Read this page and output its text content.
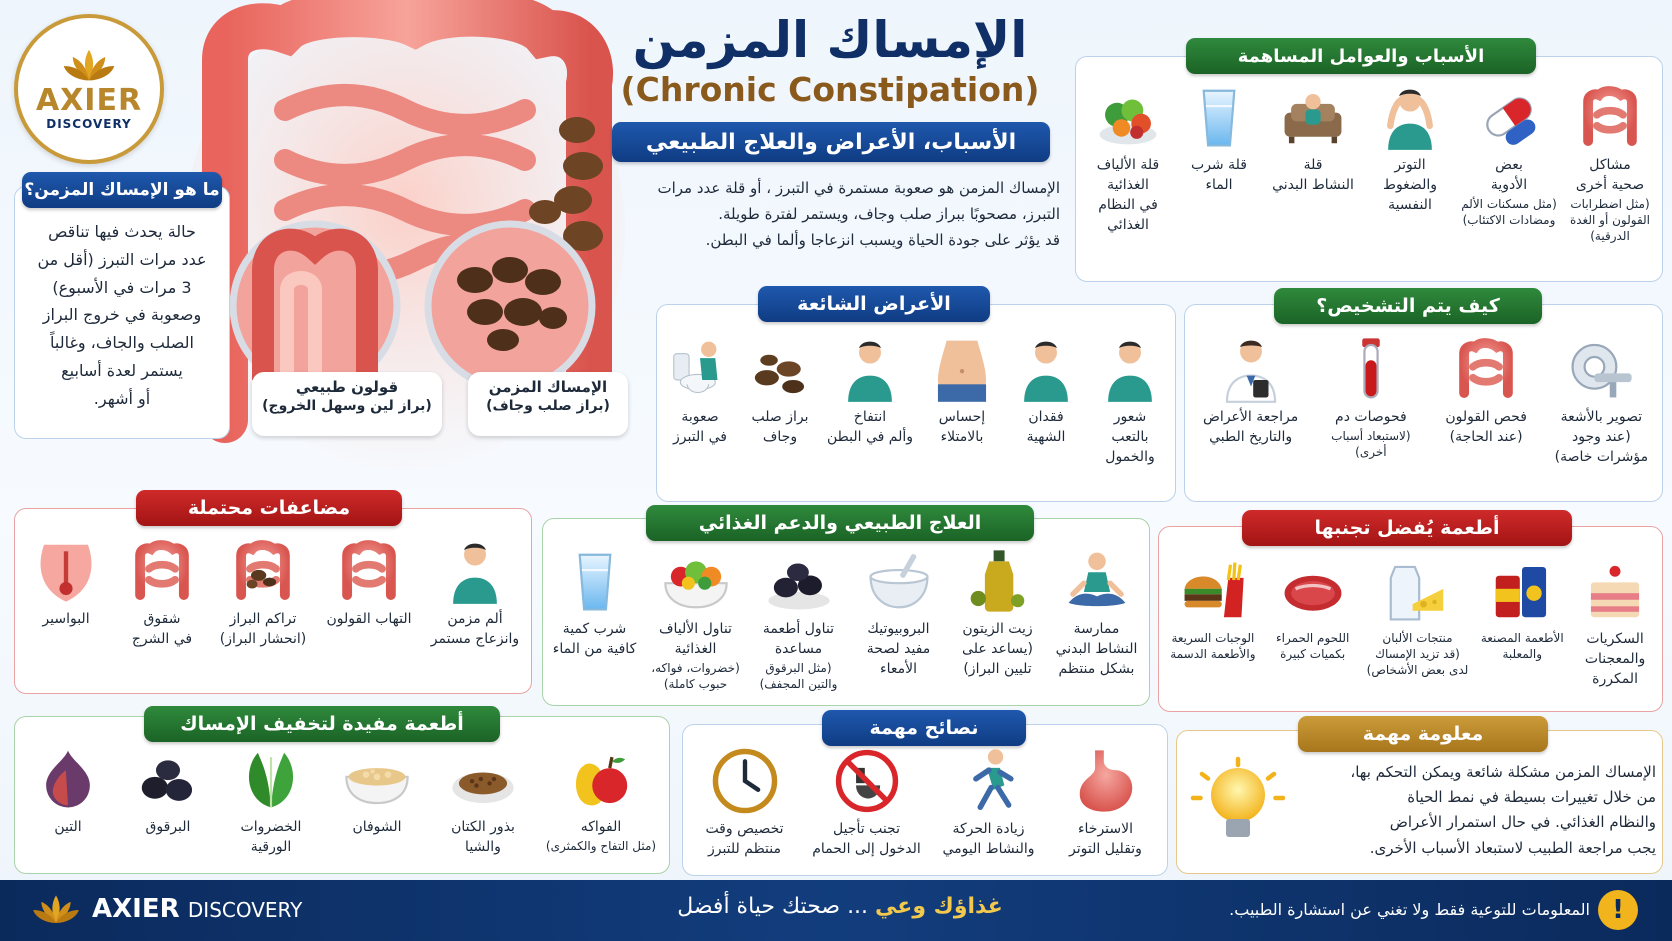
AXIER
DISCOVERY
قولون طبيعي
(براز لين وسهل الخروج)
الإمساك المزمن
(براز صلب وجاف)
الإمساك المزمن
(Chronic Constipation)
الأسباب، الأعراض والعلاج الطبيعي
الإمساك المزمن هو صعوبة مستمرة في التبرز ، أو قلة عدد مرات
التبرز، مصحوبًا ببراز صلب وجاف، ويستمر لفترة طويلة.
قد يؤثر على جودة الحياة ويسبب انزعاجا وألما في البطن.
ما هو الإمساك المزمن؟
حالة يحدث فيها تناقص
عدد مرات التبرز (أقل من
3 مرات في الأسبوع)
وصعوبة في خروج البراز
الصلب والجاف، وغالباً
يستمر لعدة أسابيع
أو أشهر.
الأسباب والعوامل المساهمة
مشاكل
صحية أخرى
(مثل اضطرابات
القولون أو الغدة
الدرقية)
بعض
الأدوية
(مثل مسكنات الألم
ومضادات الاكتئاب)
التوتر
والضغوط
النفسية
قلة
النشاط البدني
قلة شرب
الماء
قلة الألياف
الغذائية
في النظام
الغذائي
الأعراض الشائعة
شعور
بالتعب
والخمول
فقدان
الشهية
إحساس
بالامتلاء
انتفاخ
وألم في البطن
براز صلب
وجاف
صعوبة
في التبرز
كيف يتم التشخيص؟
تصوير بالأشعة
(عند وجود
مؤشرات خاصة)
فحص القولون
(عند الحاجة)
فحوصات دم
(لاستبعاد أسباب
أخرى)
مراجعة الأعراض
والتاريخ الطبي
مضاعفات محتملة
ألم مزمن
وانزعاج مستمر
التهاب القولون
تراكم البراز
(انحشار البراز)
شقوق
في الشرج
البواسير
العلاج الطبيعي والدعم الغذائي
ممارسة
النشاط البدني
بشكل منتظم
زيت الزيتون
(يساعد على
تليين البراز)
البروبيوتيك
مفيد لصحة
الأمعاء
تناول أطعمة
مساعدة
(مثل البرقوق
والتين المجفف)
تناول الألياف
الغذائية
(خضروات، فواكه،
حبوب كاملة)
شرب كمية
كافية من الماء
أطعمة يُفضل تجنبها
السكريات
والمعجنات
المكررة
الأطعمة المصنعة
والمعلبة
منتجات الألبان
(قد تزيد الإمساك
لدى بعض الأشخاص)
اللحوم الحمراء
بكميات كبيرة
الوجبات السريعة
والأطعمة الدسمة
أطعمة مفيدة لتخفيف الإمساك
الفواكه
(مثل التفاح والكمثرى)
بذور الكتان
والشيا
الشوفان
الخضروات
الورقية
البرقوق
التين
نصائح مهمة
الاسترخاء
وتقليل التوتر
زيادة الحركة
والنشاط اليومي
تجنب تأجيل
الدخول إلى الحمام
تخصيص وقت
منتظم للتبرز
معلومة مهمة
الإمساك المزمن مشكلة شائعة ويمكن التحكم بها،
من خلال تغييرات بسيطة في نمط الحياة
والنظام الغذائي. في حال استمرار الأعراض
يجب مراجعة الطبيب لاستبعاد الأسباب الأخرى.
AXIER DISCOVERY	غذاؤك وعي ... صحتك حياة أفضل	المعلومات للتوعية فقط ولا تغني عن استشارة الطبيب. !
